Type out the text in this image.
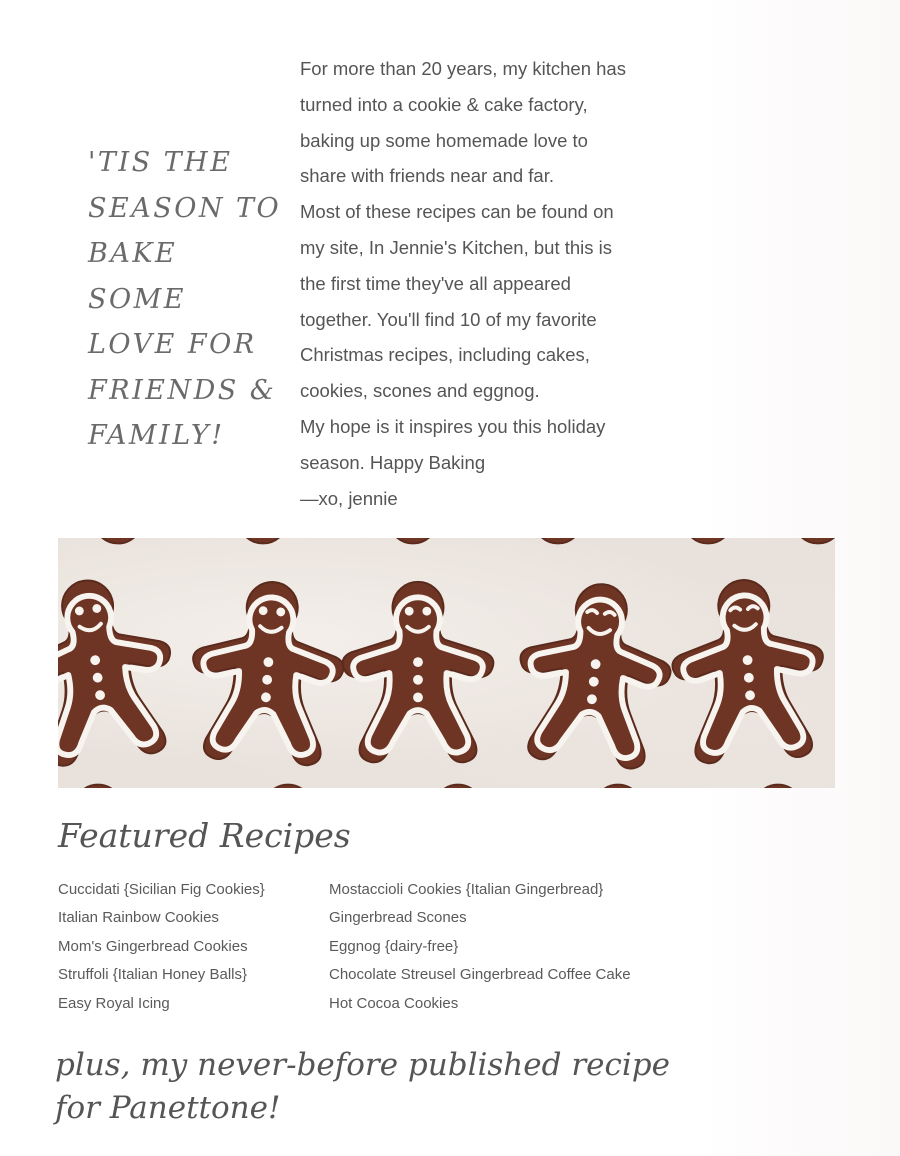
'TIS THE
SEASON TO
BAKE
SOME
LOVE FOR
FRIENDS &
FAMILY!
For more than 20 years, my kitchen has
turned into a cookie & cake factory,
baking up some homemade love to
share with friends near and far.
Most of these recipes can be found on
my site, In Jennie's Kitchen, but this is
the first time they've all appeared
together. You'll find 10 of my favorite
Christmas recipes, including cakes,
cookies, scones and eggnog.
My hope is it inspires you this holiday
season. Happy Baking
—xo, jennie
Featured Recipes
Cuccidati {Sicilian Fig Cookies}
Italian Rainbow Cookies
Mom's Gingerbread Cookies
Struffoli {Italian Honey Balls}
Easy Royal Icing
Mostaccioli Cookies {Italian Gingerbread}
Gingerbread Scones
Eggnog {dairy-free}
Chocolate Streusel Gingerbread Coffee Cake
Hot Cocoa Cookies
plus, my never-before published recipe
for Panettone!
